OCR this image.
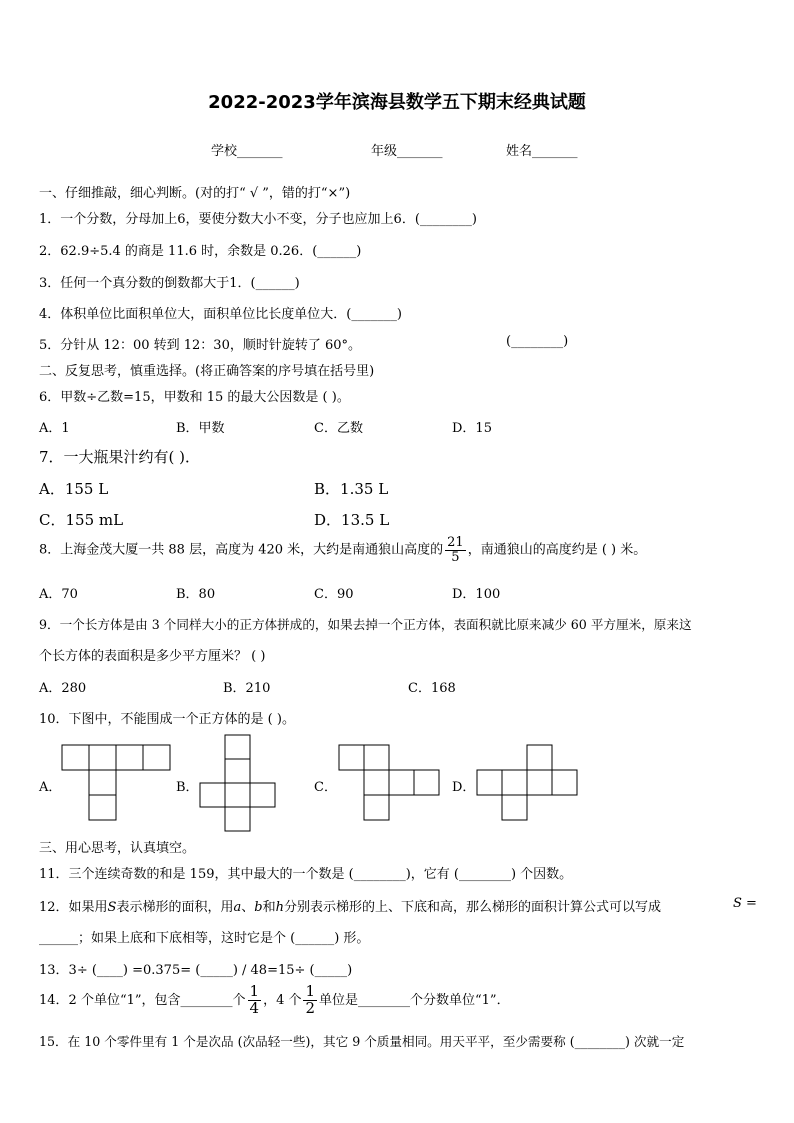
2022-2023学年滨海县数学五下期末经典试题
学校_______	年级_______	姓名_______
一、仔细推敲，细心判断。(对的打“ √ ”，错的打“×”)
1．一个分数，分母加上6，要使分数大小不变，分子也应加上6．(________)
2．62.9÷5.4 的商是 11.6 时，余数是 0.26．(______)
3．任何一个真分数的倒数都大于1．(______)
4．体积单位比面积单位大，面积单位比长度单位大．(_______)
5．分针从 12：00 转到 12：30，顺时针旋转了 60°。	(________)
二、反复思考，慎重选择。(将正确答案的序号填在括号里)
6．甲数÷乙数=15，甲数和 15 的最大公因数是 ( )。
A．1	B．甲数	C．乙数	D．15
7．一大瓶果汁约有( )．
A．155 L	B．1.35 L
C．155 mL	D．13.5 L
8．上海金茂大厦一共 88 层，高度为 420 米，大约是南通狼山高度的 $\frac{21}{5}$ ，南通狼山的高度约是 ( ) 米。
A．70	B．80	C．90	D．100
9．一个长方体是由 3 个同样大小的正方体拼成的，如果去掉一个正方体，表面积就比原来减少 60 平方厘米，原来这
个长方体的表面积是多少平方厘米？ ( )
A．280	B．210	C．168
10．下图中，不能围成一个正方体的是 ( )。
A．	B．	C．	D．
三、用心思考，认真填空。
11．三个连续奇数的和是 159，其中最大的一个数是 (________)，它有 (________) 个因数。
12．如果用S表示梯形的面积，用a、b和h分别表示梯形的上、下底和高，那么梯形的面积计算公式可以写成	S =
______；如果上底和下底相等，这时它是个 (______) 形。
13．3÷ (____) =0.375= (_____) / 48=15÷ (_____)
14．2 个单位“1”，包含________个 $\frac{1}{4}$ ，4 个 $\frac{1}{2}$ 单位是________个分数单位“1”．
15．在 10 个零件里有 1 个是次品 (次品轻一些)，其它 9 个质量相同。用天平平，至少需要称 (________) 次就一定
